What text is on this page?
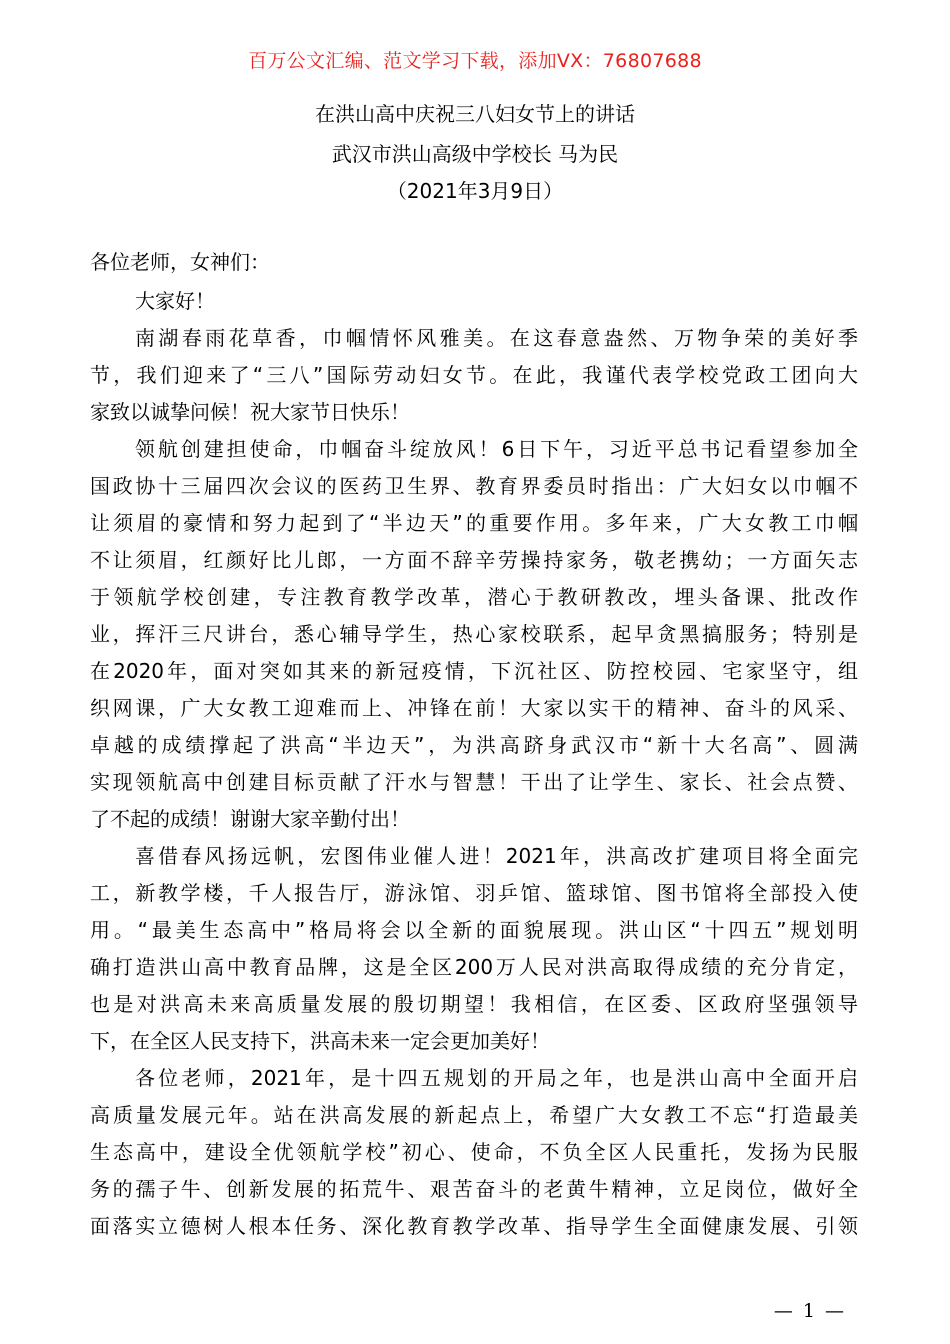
百万公文汇编、范文学习下载，添加VX：76807688
在洪山高中庆祝三八妇女节上的讲话
武汉市洪山高级中学校长 马为民
（2021年3月9日）
各位老师，女神们：
大家好！
南湖春雨花草香，巾帼情怀风雅美。在这春意盎然、万物争荣的美好季
节，我们迎来了“三八”国际劳动妇女节。在此，我谨代表学校党政工团向大
家致以诚挚问候！祝大家节日快乐！
领航创建担使命，巾帼奋斗绽放风！6日下午，习近平总书记看望参加全
国政协十三届四次会议的医药卫生界、教育界委员时指出：广大妇女以巾帼不
让须眉的豪情和努力起到了“半边天”的重要作用。多年来，广大女教工巾帼
不让须眉，红颜好比儿郎，一方面不辞辛劳操持家务，敬老携幼；一方面矢志
于领航学校创建，专注教育教学改革，潜心于教研教改，埋头备课、批改作
业，挥汗三尺讲台，悉心辅导学生，热心家校联系，起早贪黑搞服务；特别是
在2020年，面对突如其来的新冠疫情，下沉社区、防控校园、宅家坚守，组
织网课，广大女教工迎难而上、冲锋在前！大家以实干的精神、奋斗的风采、
卓越的成绩撑起了洪高“半边天”，为洪高跻身武汉市“新十大名高”、圆满
实现领航高中创建目标贡献了汗水与智慧！干出了让学生、家长、社会点赞、
了不起的成绩！谢谢大家辛勤付出！
喜借春风扬远帆，宏图伟业催人进！2021年，洪高改扩建项目将全面完
工，新教学楼，千人报告厅，游泳馆、羽乒馆、篮球馆、图书馆将全部投入使
用。“最美生态高中”格局将会以全新的面貌展现。洪山区“十四五”规划明
确打造洪山高中教育品牌，这是全区200万人民对洪高取得成绩的充分肯定，
也是对洪高未来高质量发展的殷切期望！我相信，在区委、区政府坚强领导
下，在全区人民支持下，洪高未来一定会更加美好！
各位老师，2021年，是十四五规划的开局之年，也是洪山高中全面开启
高质量发展元年。站在洪高发展的新起点上，希望广大女教工不忘“打造最美
生态高中，建设全优领航学校”初心、使命，不负全区人民重托，发扬为民服
务的孺子牛、创新发展的拓荒牛、艰苦奋斗的老黄牛精神，立足岗位，做好全
面落实立德树人根本任务、深化教育教学改革、指导学生全面健康发展、引领
— 1 —
